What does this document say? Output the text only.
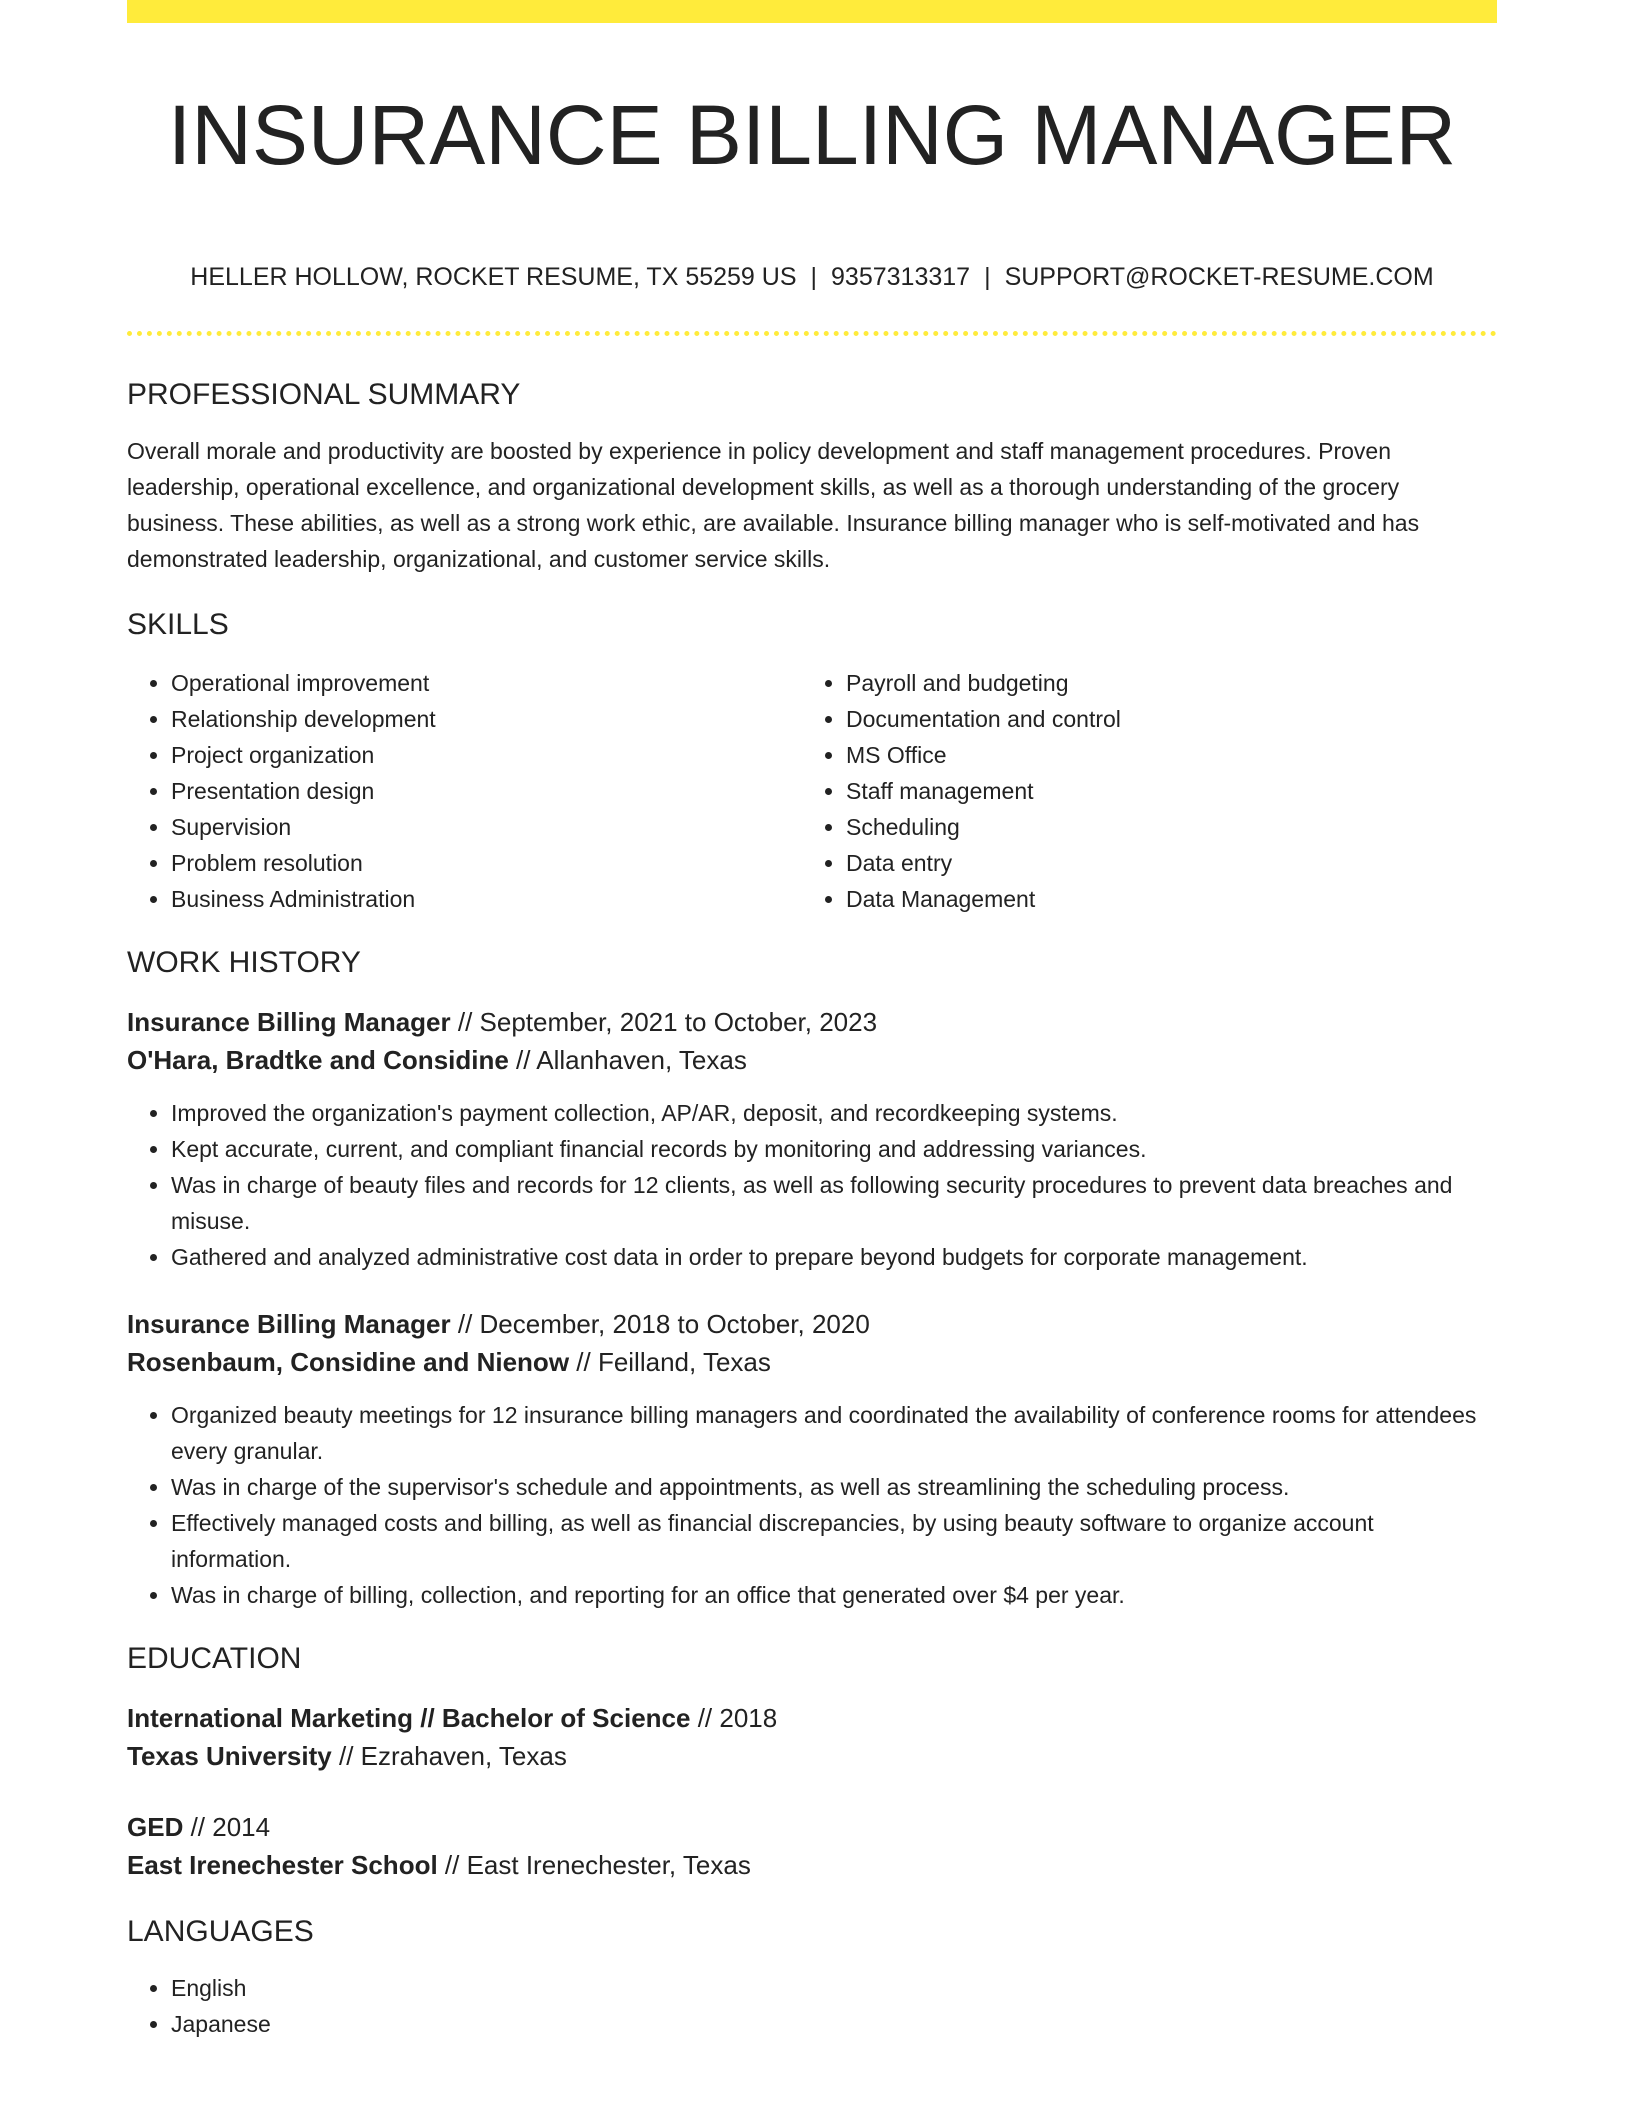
INSURANCE BILLING MANAGER
HELLER HOLLOW, ROCKET RESUME, TX 55259 US | 9357313317 | SUPPORT@ROCKET-RESUME.COM
PROFESSIONAL SUMMARY

Overall morale and productivity are boosted by experience in policy development and staff management procedures. Proven leadership, operational excellence, and organizational development skills, as well as a thorough understanding of the grocery business. These abilities, as well as a strong work ethic, are available. Insurance billing manager who is self-motivated and has demonstrated leadership, organizational, and customer service skills.

SKILLS
• Operational improvement
• Relationship development
• Project organization
• Presentation design
• Supervision
• Problem resolution
• Business Administration
• Payroll and budgeting
• Documentation and control
• MS Office
• Staff management
• Scheduling
• Data entry
• Data Management
WORK HISTORY

Insurance Billing Manager // September, 2021 to October, 2023

O'Hara, Bradtke and Considine // Allanhaven, Texas

• Improved the organization's payment collection, AP/AR, deposit, and recordkeeping systems.
• Kept accurate, current, and compliant financial records by monitoring and addressing variances.
• Was in charge of beauty files and records for 12 clients, as well as following security procedures to prevent data breaches and misuse.
• Gathered and analyzed administrative cost data in order to prepare beyond budgets for corporate management.

Insurance Billing Manager // December, 2018 to October, 2020

Rosenbaum, Considine and Nienow // Feilland, Texas

• Organized beauty meetings for 12 insurance billing managers and coordinated the availability of conference rooms for attendees every granular.
• Was in charge of the supervisor's schedule and appointments, as well as streamlining the scheduling process.
• Effectively managed costs and billing, as well as financial discrepancies, by using beauty software to organize account information.
• Was in charge of billing, collection, and reporting for an office that generated over $4 per year.
EDUCATION

International Marketing // Bachelor of Science // 2018

Texas University // Ezrahaven, Texas

GED // 2014

East Irenechester School // East Irenechester, Texas

LANGUAGES
• English
• Japanese
